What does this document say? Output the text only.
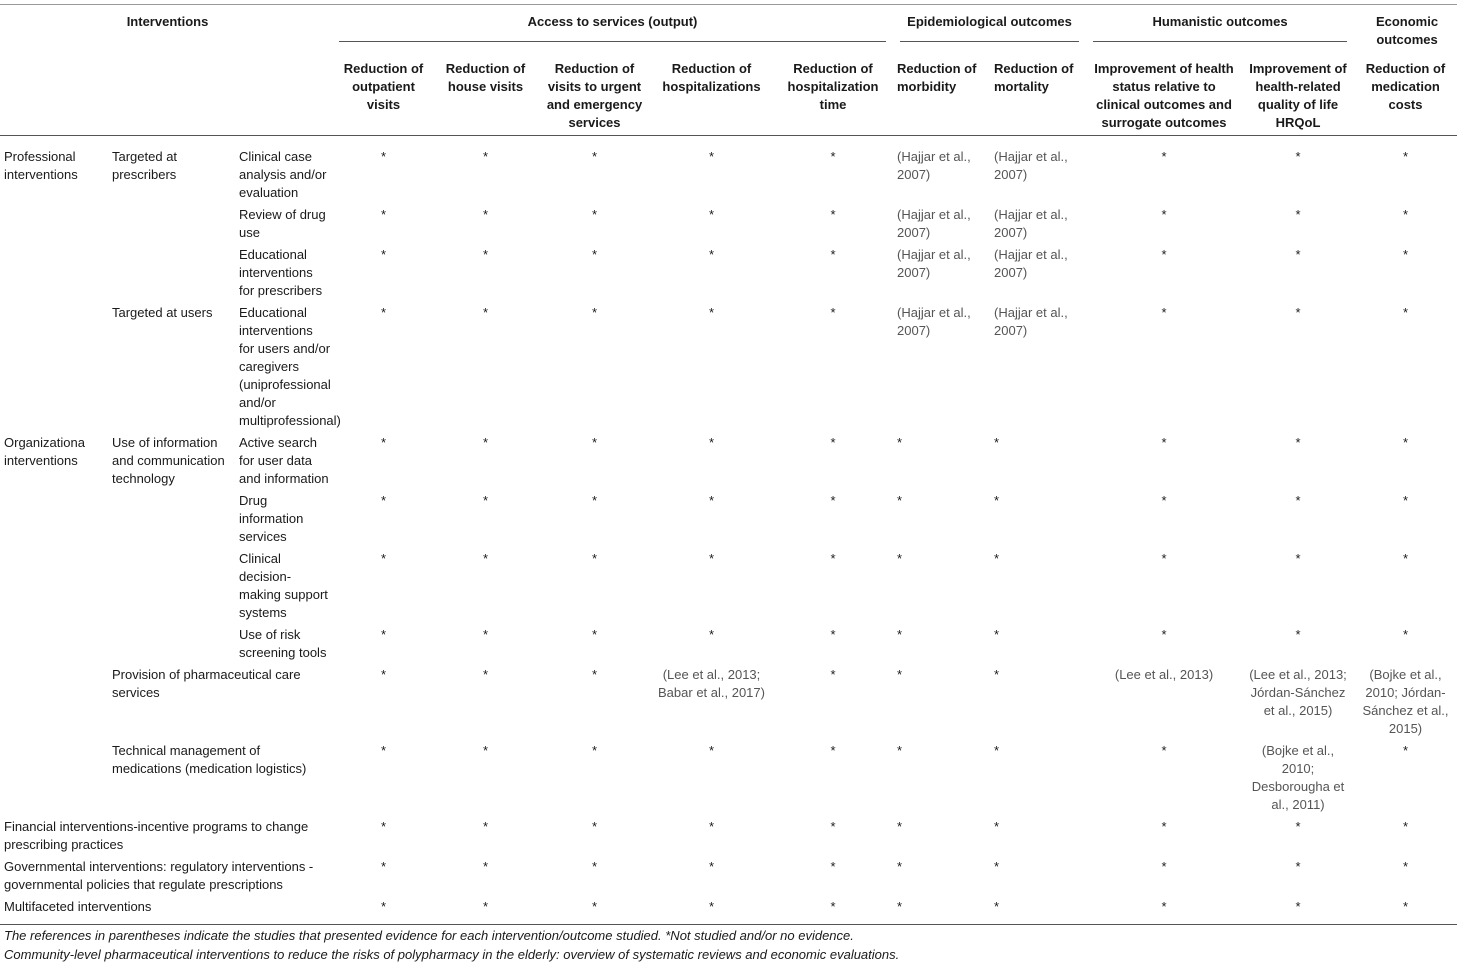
Interventions			Access to services (output)					Epidemiological outcomes		Humanistic outcomes		Economic outcomes

			Reduction of outpatient visits	Reduction of house visits	Reduction of visits to urgent and emergency services	Reduction of hospitalizations	Reduction of hospitalization time	Reduction of morbidity	Reduction of mortality	Improvement of health status relative to clinical outcomes and surrogate outcomes	Improvement of health-related quality of life HRQoL	Reduction of medication costs
Professional interventions	Targeted at prescribers	Clinical case analysis and/or evaluation	*	*	*	*	*	(Hajjar et al., 2007)	(Hajjar et al., 2007)	*	*	*
		Review of drug use	*	*	*	*	*	(Hajjar et al., 2007)	(Hajjar et al., 2007)	*	*	*
		Educational interventions for prescribers	*	*	*	*	*	(Hajjar et al., 2007)	(Hajjar et al., 2007)	*	*	*
	Targeted at users	Educational interventions for users and/or caregivers (uniprofessional and/or multiprofessional)	*	*	*	*	*	(Hajjar et al., 2007)	(Hajjar et al., 2007)	*	*	*
Organizationa interventions	Use of information and communication technology	Active search for user data and information	*	*	*	*	*	*	*	*	*	*
		Drug information services	*	*	*	*	*	*	*	*	*	*
		Clinical decision-making support systems	*	*	*	*	*	*	*	*	*	*
		Use of risk screening tools	*	*	*	*	*	*	*	*	*	*
	Provision of pharmaceutical care services		*	*	*	(Lee et al., 2013; Babar et al., 2017)	*	*	*	(Lee et al., 2013)	(Lee et al., 2013; Jórdan-Sánchez et al., 2015)	(Bojke et al., 2010; Jórdan-Sánchez et al., 2015)
	Technical management of medications (medication logistics)		*	*	*	*	*	*	*	*	(Bojke et al., 2010; Desborougha et al., 2011)	*
Financial interventions-incentive programs to change prescribing practices			*	*	*	*	*	*	*	*	*	*
Governmental interventions: regulatory interventions - governmental policies that regulate prescriptions			*	*	*	*	*	*	*	*	*	*
Multifaceted interventions			*	*	*	*	*	*	*	*	*	*
The references in parentheses indicate the studies that presented evidence for each intervention/outcome studied. *Not studied and/or no evidence.
Community-level pharmaceutical interventions to reduce the risks of polypharmacy in the elderly: overview of systematic reviews and economic evaluations.
